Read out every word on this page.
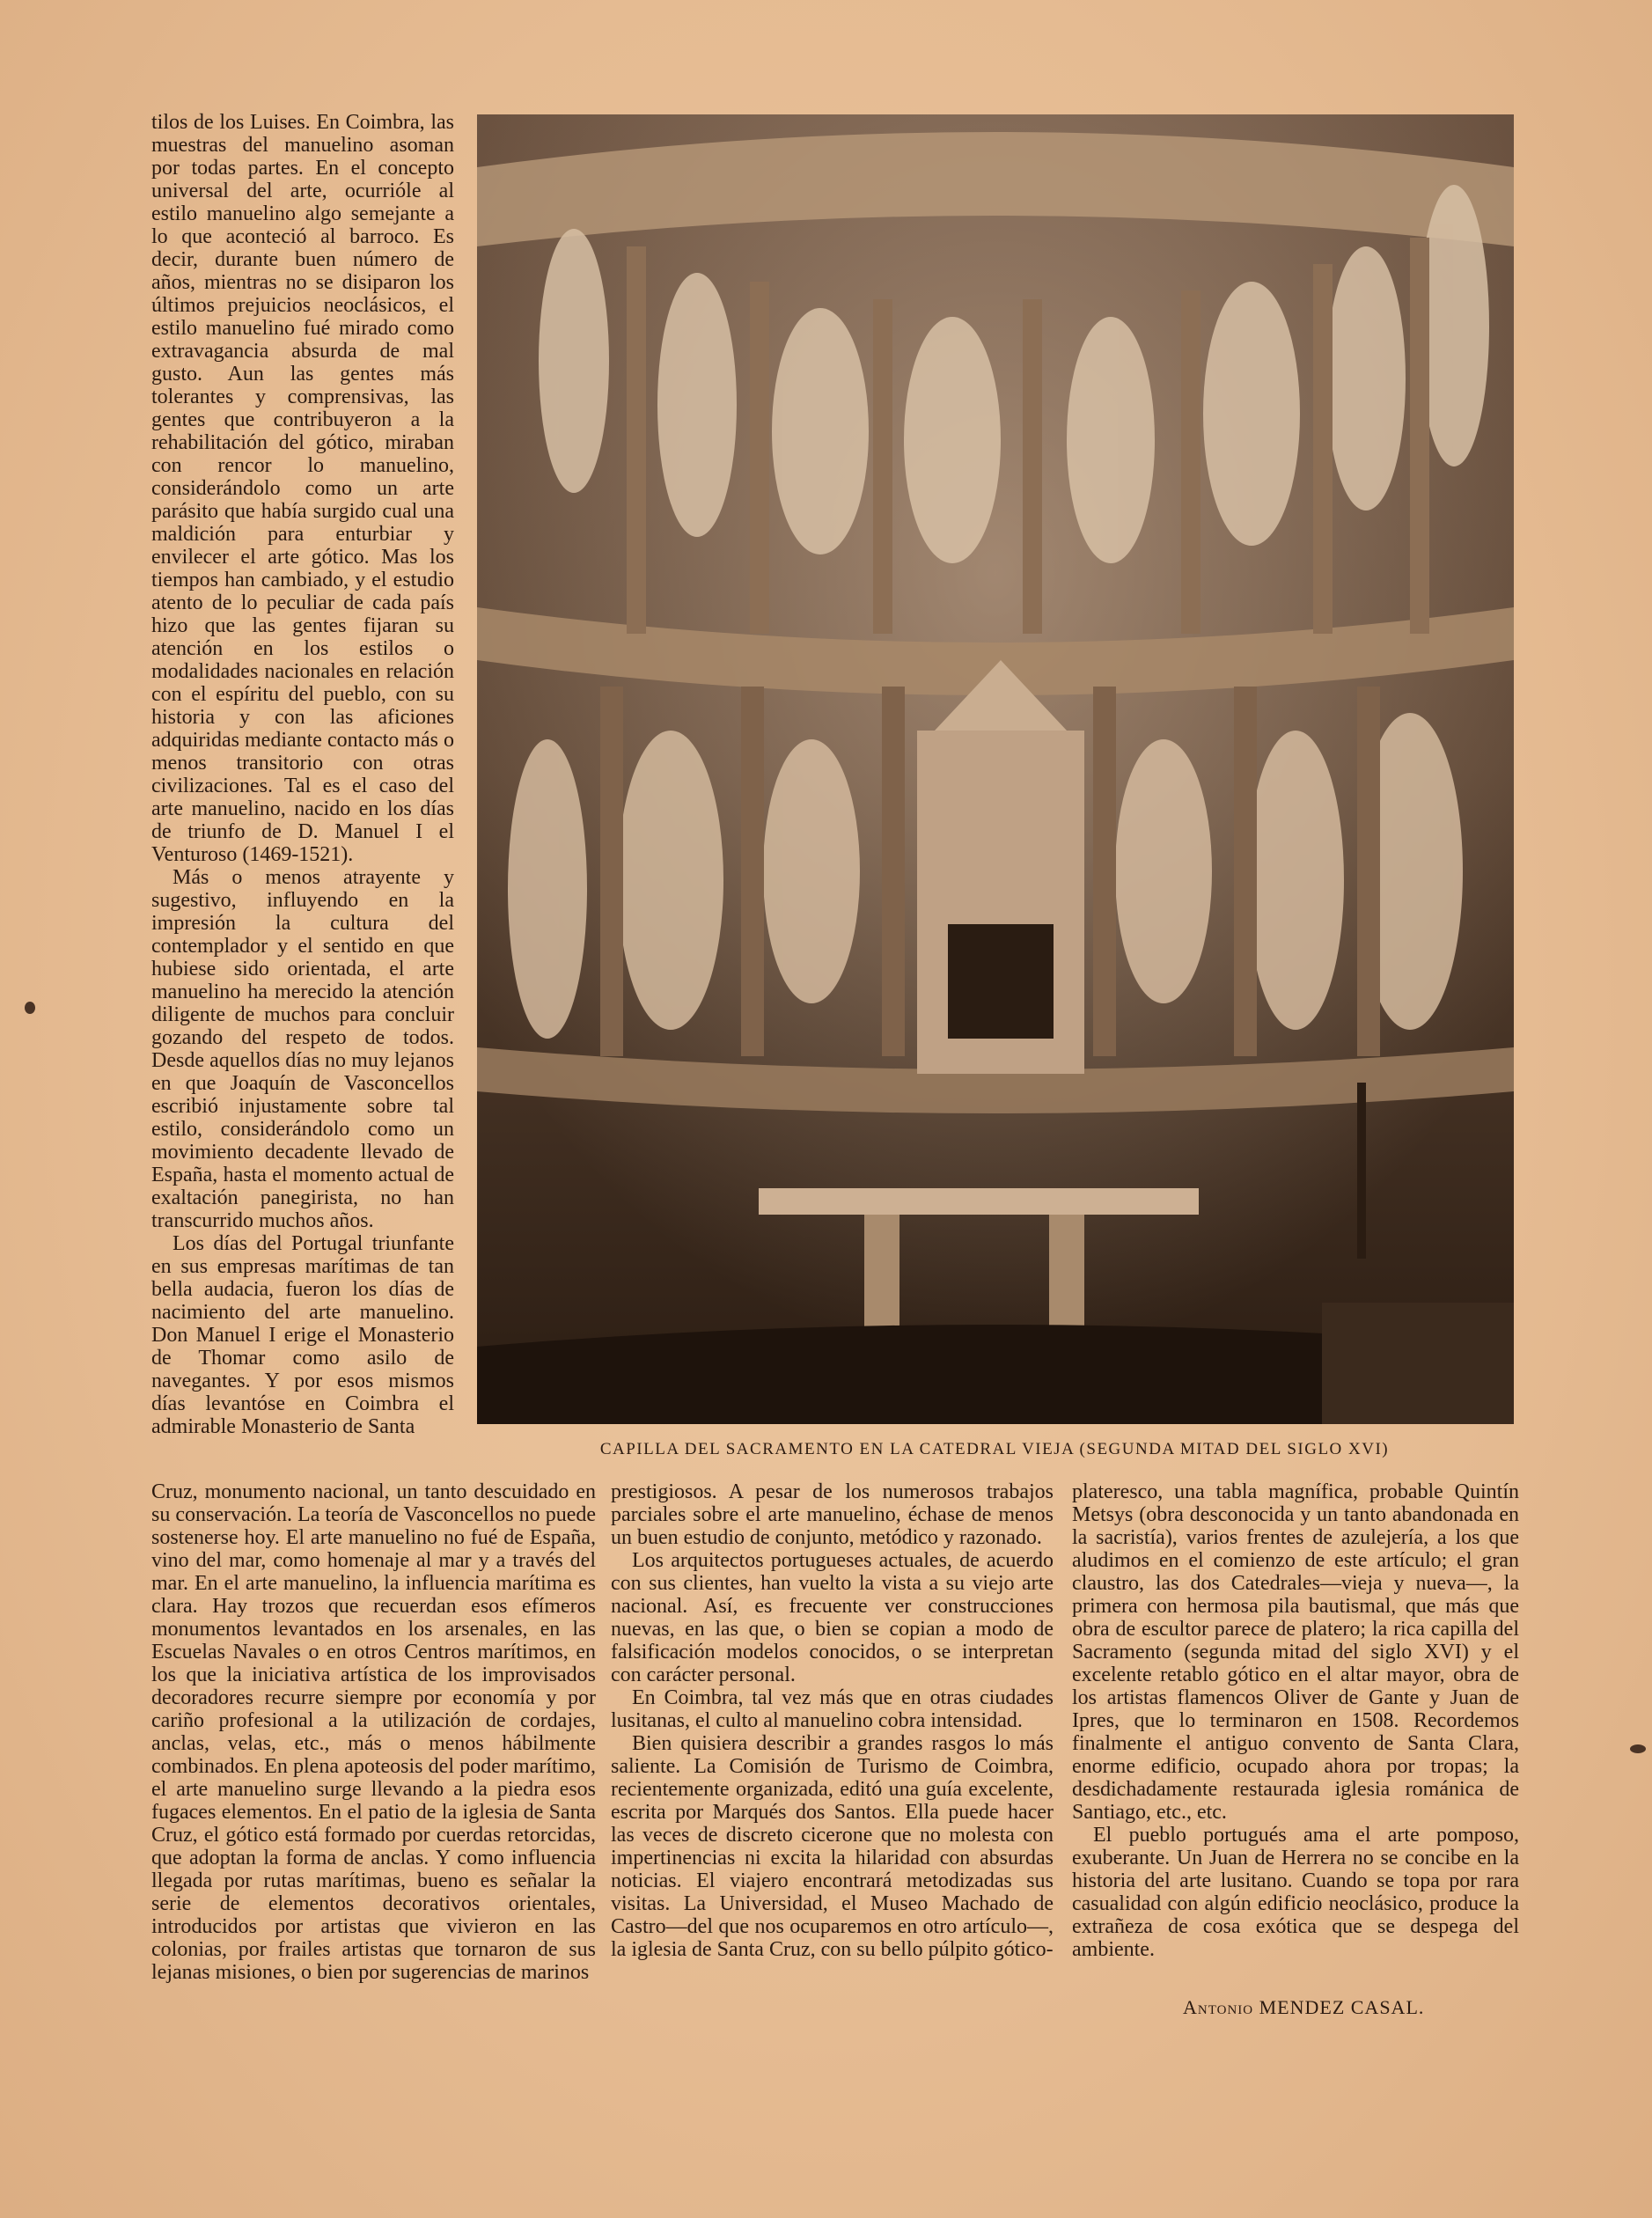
tilos de los Luises. En Coimbra, las muestras del manuelino asoman por todas partes. En el concepto universal del arte, ocurrióle al estilo manuelino algo semejante a lo que aconteció al barroco. Es decir, durante buen número de años, mientras no se disiparon los últimos prejuicios neoclásicos, el estilo manuelino fué mirado como extravagancia absurda de mal gusto. Aun las gentes más tolerantes y comprensivas, las gentes que contribuyeron a la rehabilitación del gótico, miraban con rencor lo manuelino, considerándolo como un arte parásito que había surgido cual una maldición para enturbiar y envilecer el arte gótico. Mas los tiempos han cambiado, y el estudio atento de lo peculiar de cada país hizo que las gentes fijaran su atención en los estilos o modalidades nacionales en relación con el espíritu del pueblo, con su historia y con las aficiones adquiridas mediante contacto más o menos transitorio con otras civilizaciones. Tal es el caso del arte manuelino, nacido en los días de triunfo de D. Manuel I el Venturoso (1469-1521).

Más o menos atrayente y sugestivo, influyendo en la impresión la cultura del contemplador y el sentido en que hubiese sido orientada, el arte manuelino ha merecido la atención diligente de muchos para concluir gozando del respeto de todos. Desde aquellos días no muy lejanos en que Joaquín de Vasconcellos escribió injustamente sobre tal estilo, considerándolo como un movimiento decadente llevado de España, hasta el momento actual de exaltación panegirista, no han transcurrido muchos años.

Los días del Portugal triunfante en sus empresas marítimas de tan bella audacia, fueron los días de nacimiento del arte manuelino. Don Manuel I erige el Monasterio de Thomar como asilo de navegantes. Y por esos mismos días levantóse en Coimbra el admirable Monasterio de Santa

CAPILLA DEL SACRAMENTO EN LA CATEDRAL VIEJA (SEGUNDA MITAD DEL SIGLO XVI)

Cruz, monumento nacional, un tanto descuidado en su conservación. La teoría de Vasconcellos no puede sostenerse hoy. El arte manuelino no fué de España, vino del mar, como homenaje al mar y a través del mar. En el arte manuelino, la influencia marítima es clara. Hay trozos que recuerdan esos efímeros monumentos levantados en los arsenales, en las Escuelas Navales o en otros Centros marítimos, en los que la iniciativa artística de los improvisados decoradores recurre siempre por economía y por cariño profesional a la utilización de cordajes, anclas, velas, etc., más o menos hábilmente combinados. En plena apoteosis del poder marítimo, el arte manuelino surge llevando a la piedra esos fugaces elementos. En el patio de la iglesia de Santa Cruz, el gótico está formado por cuerdas retorcidas, que adoptan la forma de anclas. Y como influencia llegada por rutas marítimas, bueno es señalar la serie de elementos decorativos orientales, introducidos por artistas que vivieron en las colonias, por frailes artistas que tornaron de sus lejanas misiones, o bien por sugerencias de marinos

prestigiosos. A pesar de los numerosos trabajos parciales sobre el arte manuelino, échase de menos un buen estudio de conjunto, metódico y razonado.

Los arquitectos portugueses actuales, de acuerdo con sus clientes, han vuelto la vista a su viejo arte nacional. Así, es frecuente ver construcciones nuevas, en las que, o bien se copian a modo de falsificación modelos conocidos, o se interpretan con carácter personal.

En Coimbra, tal vez más que en otras ciudades lusitanas, el culto al manuelino cobra intensidad.

Bien quisiera describir a grandes rasgos lo más saliente. La Comisión de Turismo de Coimbra, recientemente organizada, editó una guía excelente, escrita por Marqués dos Santos. Ella puede hacer las veces de discreto cicerone que no molesta con impertinencias ni excita la hilaridad con absurdas noticias. El viajero encontrará metodizadas sus visitas. La Universidad, el Museo Machado de Castro—del que nos ocuparemos en otro artículo—, la iglesia de Santa Cruz, con su bello púlpito gótico-

plateresco, una tabla magnífica, probable Quintín Metsys (obra desconocida y un tanto abandonada en la sacristía), varios frentes de azulejería, a los que aludimos en el comienzo de este artículo; el gran claustro, las dos Catedrales—vieja y nueva—, la primera con hermosa pila bautismal, que más que obra de escultor parece de platero; la rica capilla del Sacramento (segunda mitad del siglo XVI) y el excelente retablo gótico en el altar mayor, obra de los artistas flamencos Oliver de Gante y Juan de Ipres, que lo terminaron en 1508. Recordemos finalmente el antiguo convento de Santa Clara, enorme edificio, ocupado ahora por tropas; la desdichadamente restaurada iglesia románica de Santiago, etc., etc.

El pueblo portugués ama el arte pomposo, exuberante. Un Juan de Herrera no se concibe en la historia del arte lusitano. Cuando se topa por rara casualidad con algún edificio neoclásico, produce la extrañeza de cosa exótica que se despega del ambiente.

Antonio MENDEZ CASAL.
